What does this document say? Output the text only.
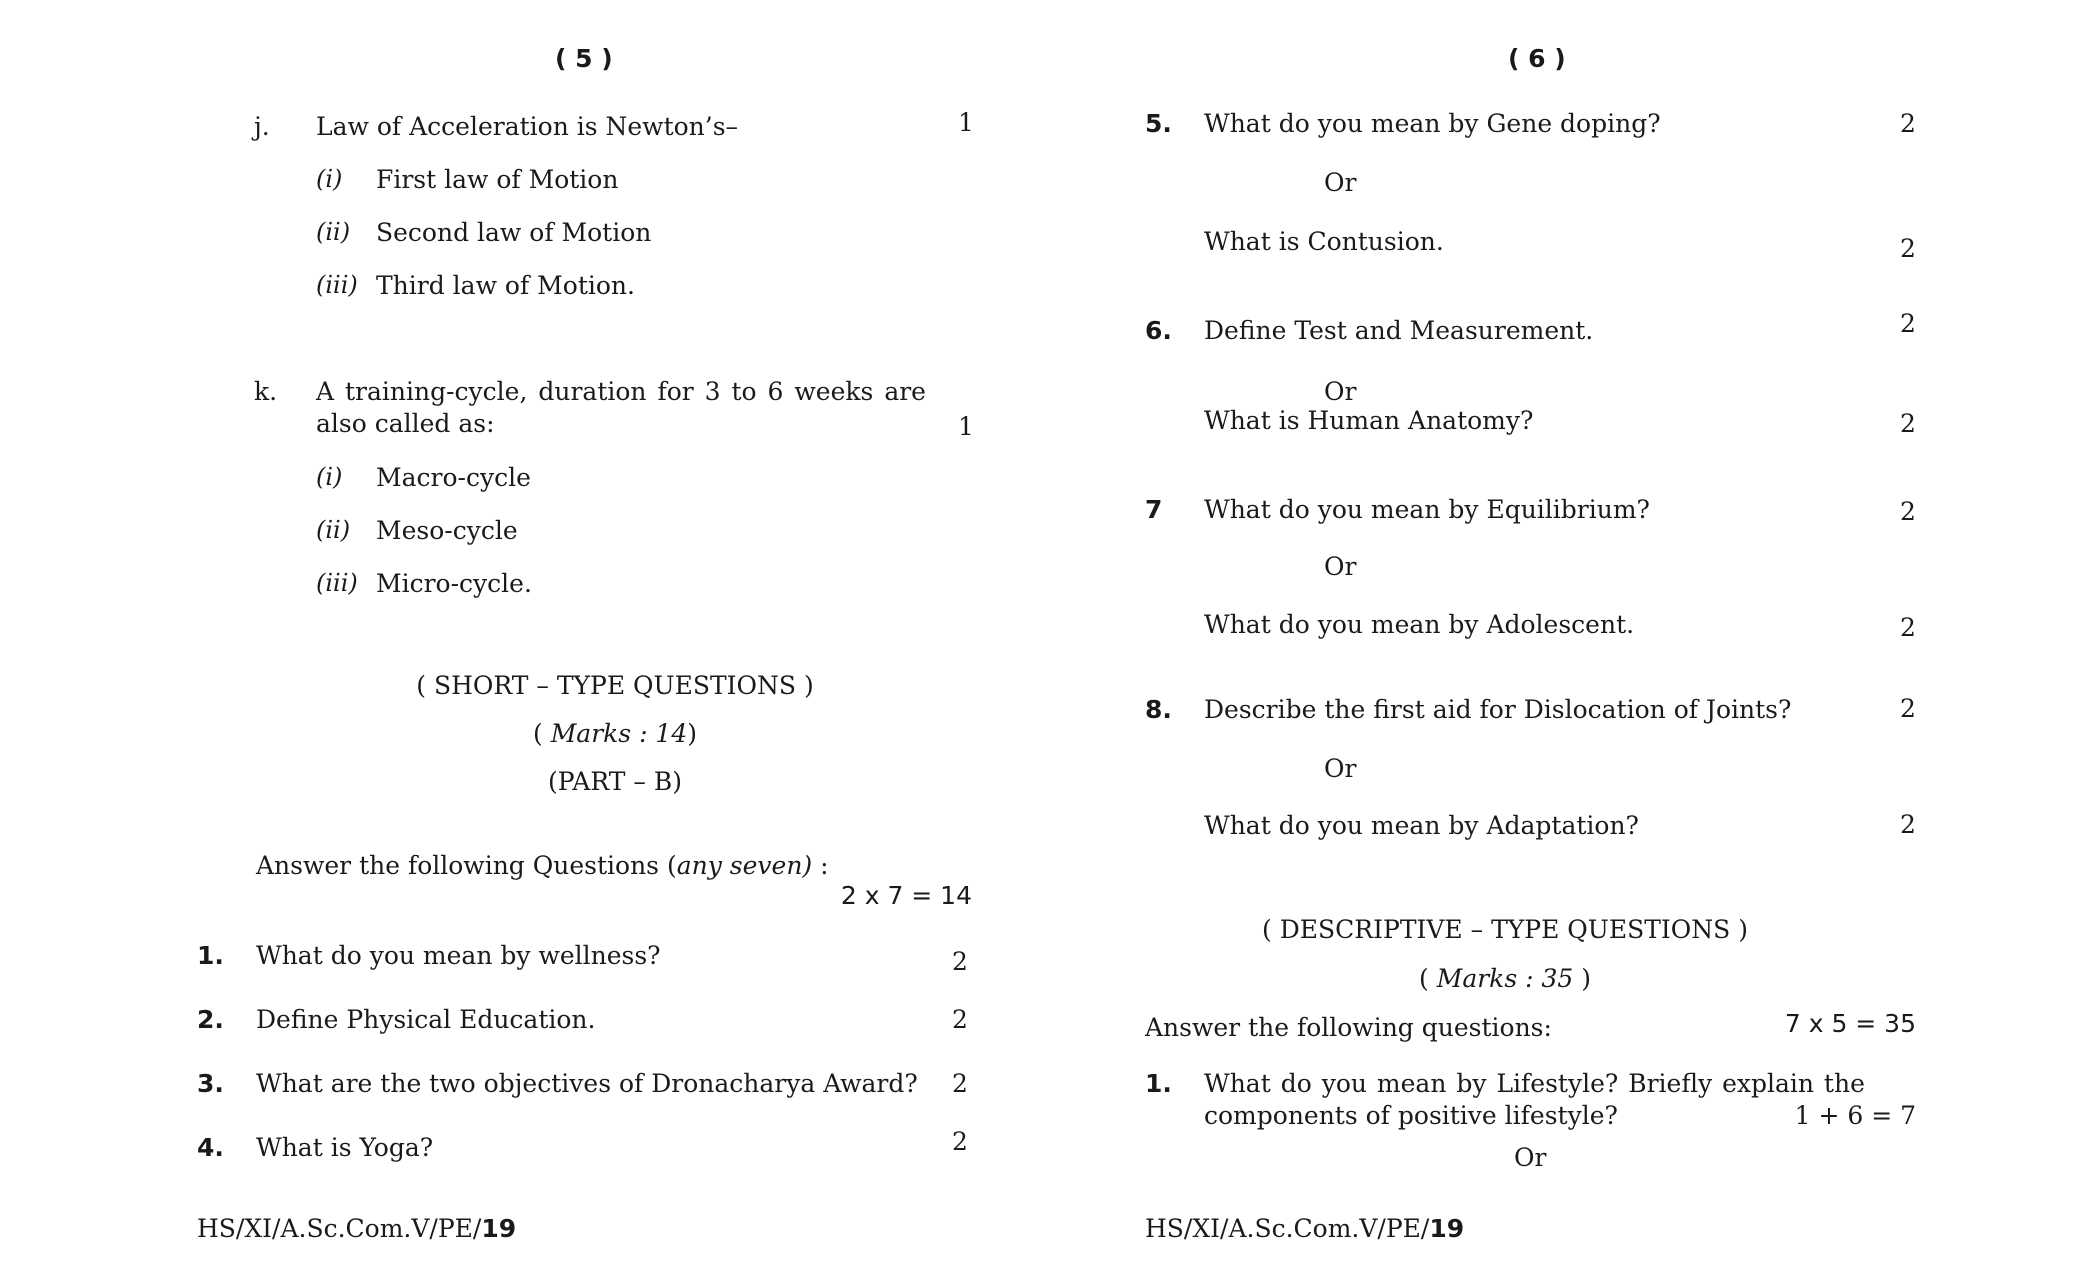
( 5 )
j. Law of Acceleration is Newton’s–	1
(i) First law of Motion
(ii) Second law of Motion
(iii) Third law of Motion.
k. A training-cycle, duration for 3 to 6 weeks are
also called as:	1
(i) Macro-cycle
(ii) Meso-cycle
(iii) Micro-cycle.
( SHORT – TYPE QUESTIONS )
( Marks : 14)
(PART – B)
Answer the following Questions (any seven) :
2 x 7 = 14
1. What do you mean by wellness?	2
2. Define Physical Education.	2
3. What are the two objectives of Dronacharya Award? 2
4. What is Yoga?	2
HS/XI/A.Sc.Com.V/PE/19
( 6 )
5. What do you mean by Gene doping?	2
Or
What is Contusion.	2
6. Define Test and Measurement.	2
Or
What is Human Anatomy?	2
7 What do you mean by Equilibrium?	2
Or
What do you mean by Adolescent.	2
8. Describe the first aid for Dislocation of Joints?	2
Or
What do you mean by Adaptation?	2
( DESCRIPTIVE – TYPE QUESTIONS )
( Marks : 35 )
Answer the following questions:	7 x 5 = 35
1. What do you mean by Lifestyle? Briefly explain the
components of positive lifestyle?	1 + 6 = 7
Or
HS/XI/A.Sc.Com.V/PE/19
